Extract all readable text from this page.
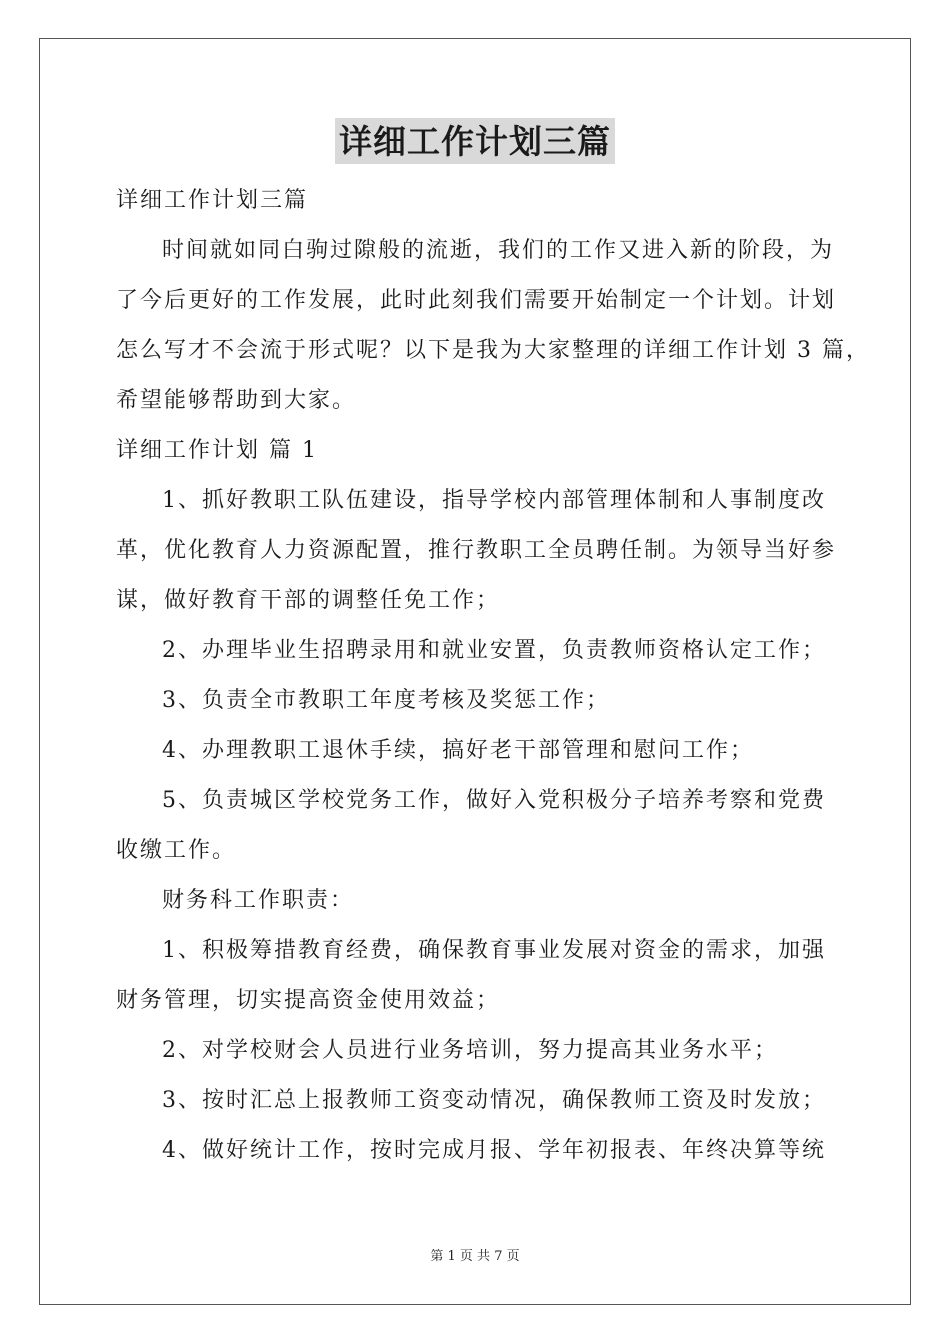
详细工作计划三篇
详细工作计划三篇
时间就如同白驹过隙般的流逝，我们的工作又进入新的阶段，为
了今后更好的工作发展，此时此刻我们需要开始制定一个计划。计划
怎么写才不会流于形式呢？以下是我为大家整理的详细工作计划 3 篇，
希望能够帮助到大家。
详细工作计划 篇 1
1、抓好教职工队伍建设，指导学校内部管理体制和人事制度改
革，优化教育人力资源配置，推行教职工全员聘任制。为领导当好参
谋，做好教育干部的调整任免工作；
2、办理毕业生招聘录用和就业安置，负责教师资格认定工作；
3、负责全市教职工年度考核及奖惩工作；
4、办理教职工退休手续，搞好老干部管理和慰问工作；
5、负责城区学校党务工作，做好入党积极分子培养考察和党费
收缴工作。
财务科工作职责：
1、积极筹措教育经费，确保教育事业发展对资金的需求，加强
财务管理，切实提高资金使用效益；
2、对学校财会人员进行业务培训，努力提高其业务水平；
3、按时汇总上报教师工资变动情况，确保教师工资及时发放；
4、做好统计工作，按时完成月报、学年初报表、年终决算等统
第 1 页 共 7 页
